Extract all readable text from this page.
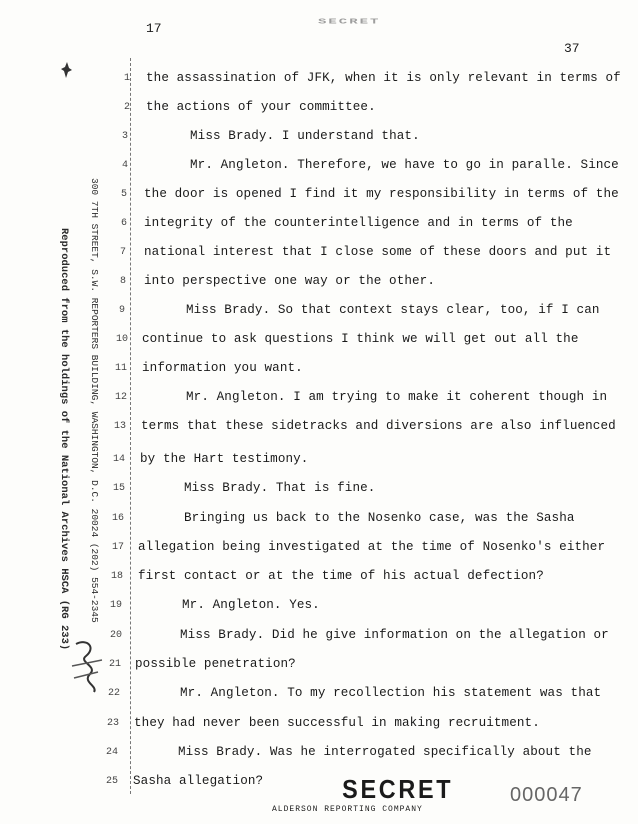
17	SECRET
37
300 7TH STREET, S.W. REPORTERS BUILDING, WASHINGTON, D.C. 20024 (202) 554-2345
Reproduced from the holdings of the National Archives HSCA (RG 233)
1	the assassination of JFK, when it is only relevant in terms of
2	the actions of your committee.
3	Miss Brady. I understand that.
4	Mr. Angleton. Therefore, we have to go in paralle. Since
5	the door is opened I find it my responsibility in terms of the
6	integrity of the counterintelligence and in terms of the
7	national interest that I close some of these doors and put it
8	into perspective one way or the other.
9	Miss Brady. So that context stays clear, too, if I can
10 continue to ask questions I think we will get out all the
11 information you want.
12	Mr. Angleton. I am trying to make it coherent though in
13 terms that these sidetracks and diversions are also influenced
14 by the Hart testimony.
15	Miss Brady. That is fine.
16	Bringing us back to the Nosenko case, was the Sasha
17 allegation being investigated at the time of Nosenko's either
18 first contact or at the time of his actual defection?
19	Mr. Angleton. Yes.
20	Miss Brady. Did he give information on the allegation or
21 possible penetration?
22	Mr. Angleton. To my recollection his statement was that
23 they had never been successful in making recruitment.
24	Miss Brady. Was he interrogated specifically about the
25 Sasha allegation?	SECRET
ALDERSON REPORTING COMPANY
000047
